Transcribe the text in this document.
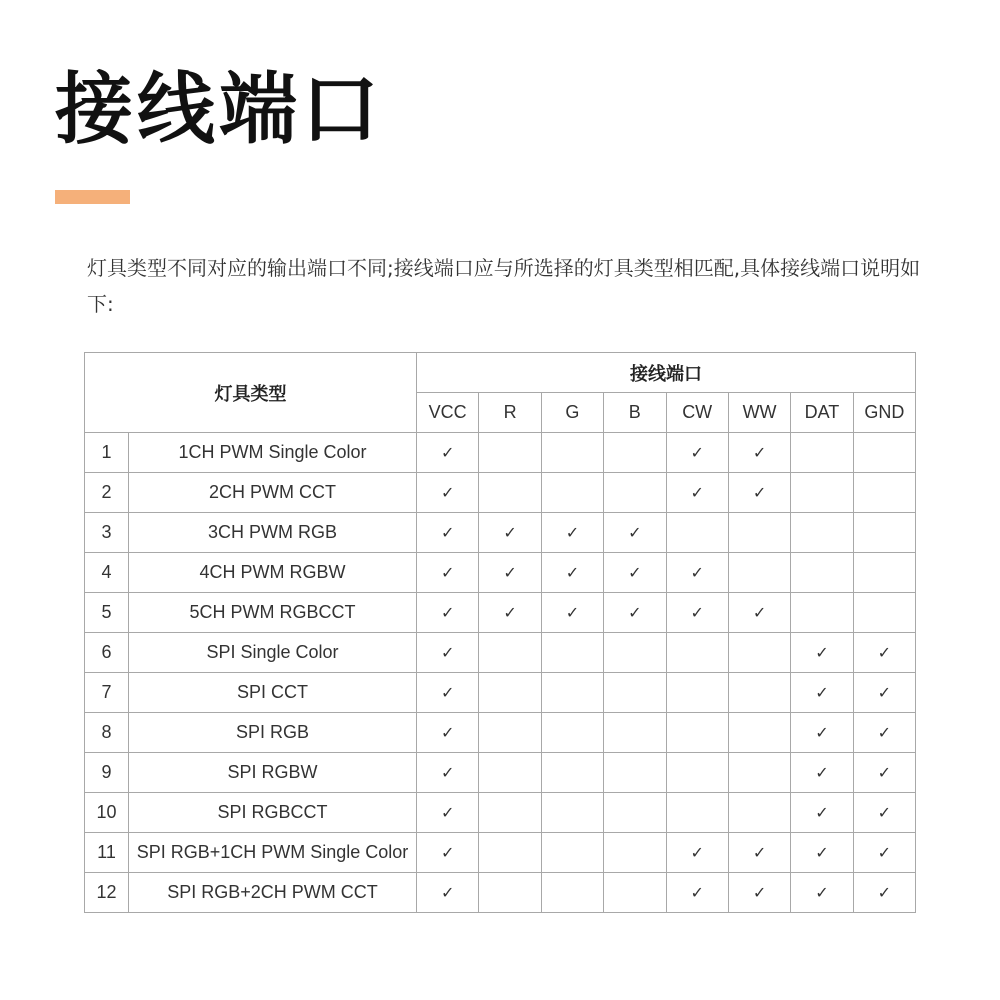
接线端口
灯具类型不同对应的输出端口不同;接线端口应与所选择的灯具类型相匹配,具体接线端口说明如下:
灯具类型		接线端口							
		VCC	R	G	B	CW	WW	DAT	GND
1	1CH PWM Single Color	✓				✓	✓		
2	2CH PWM CCT	✓				✓	✓		
3	3CH PWM RGB	✓	✓	✓	✓				
4	4CH PWM RGBW	✓	✓	✓	✓	✓			
5	5CH PWM RGBCCT	✓	✓	✓	✓	✓	✓		
6	SPI Single Color	✓						✓	✓
7	SPI CCT	✓						✓	✓
8	SPI RGB	✓						✓	✓
9	SPI RGBW	✓						✓	✓
10	SPI RGBCCT	✓						✓	✓
11	SPI RGB+1CH PWM Single Color	✓				✓	✓	✓	✓
12	SPI RGB+2CH PWM CCT	✓				✓	✓	✓	✓
